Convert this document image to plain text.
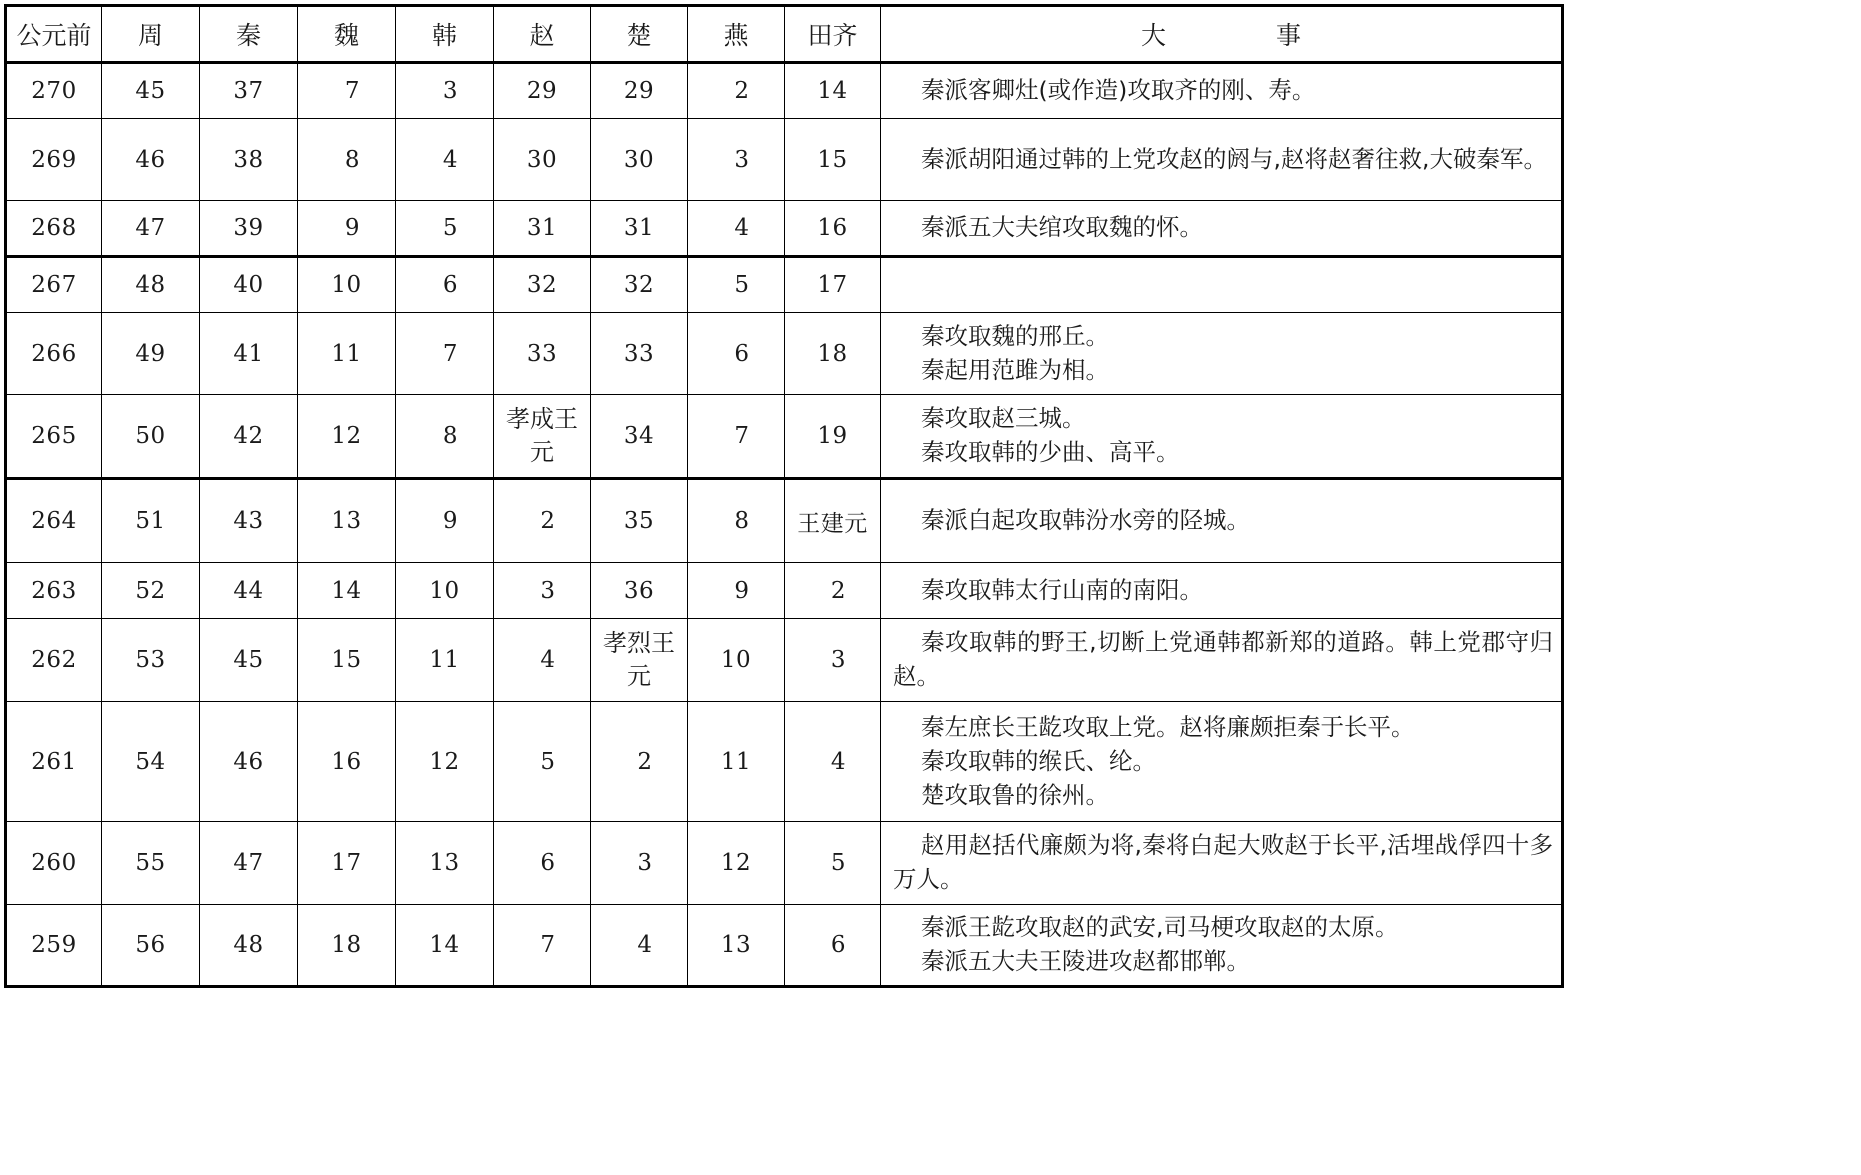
公元前	周	秦	魏	韩	赵	楚	燕	田齐	大 事

270	45	37	7	3	29	29	2	14	秦派客卿灶(或作造)攻取齐的刚、寿。

269	46	38	8	4	30	30	3	15	秦派胡阳通过韩的上党攻赵的阏与,赵将赵奢往救,大破秦军。

268	47	39	9	5	31	31	4	16	秦派五大夫绾攻取魏的怀。

267	48	40	10	6	32	32	5	17	
266	49	41	11	7	33	33	6	18	秦攻取魏的邢丘。
秦起用范雎为相。

265	50	42	12	8	孝成王元	34	7	19	秦攻取赵三城。
秦攻取韩的少曲、高平。

264	51	43	13	9	2	35	8	王建元	秦派白起攻取韩汾水旁的陉城。

263	52	44	14	10	3	36	9	2	秦攻取韩太行山南的南阳。

262	53	45	15	11	4	孝烈王元	10	3	秦攻取韩的野王,切断上党通韩都新郑的道路。韩上党郡守归赵。

261	54	46	16	12	5	2	11	4	秦左庶长王龁攻取上党。赵将廉颇拒秦于长平。
秦攻取韩的缑氏、纶。
楚攻取鲁的徐州。

260	55	47	17	13	6	3	12	5	赵用赵括代廉颇为将,秦将白起大败赵于长平,活埋战俘四十多万人。

259	56	48	18	14	7	4	13	6	秦派王龁攻取赵的武安,司马梗攻取赵的太原。
秦派五大夫王陵进攻赵都邯郸。
